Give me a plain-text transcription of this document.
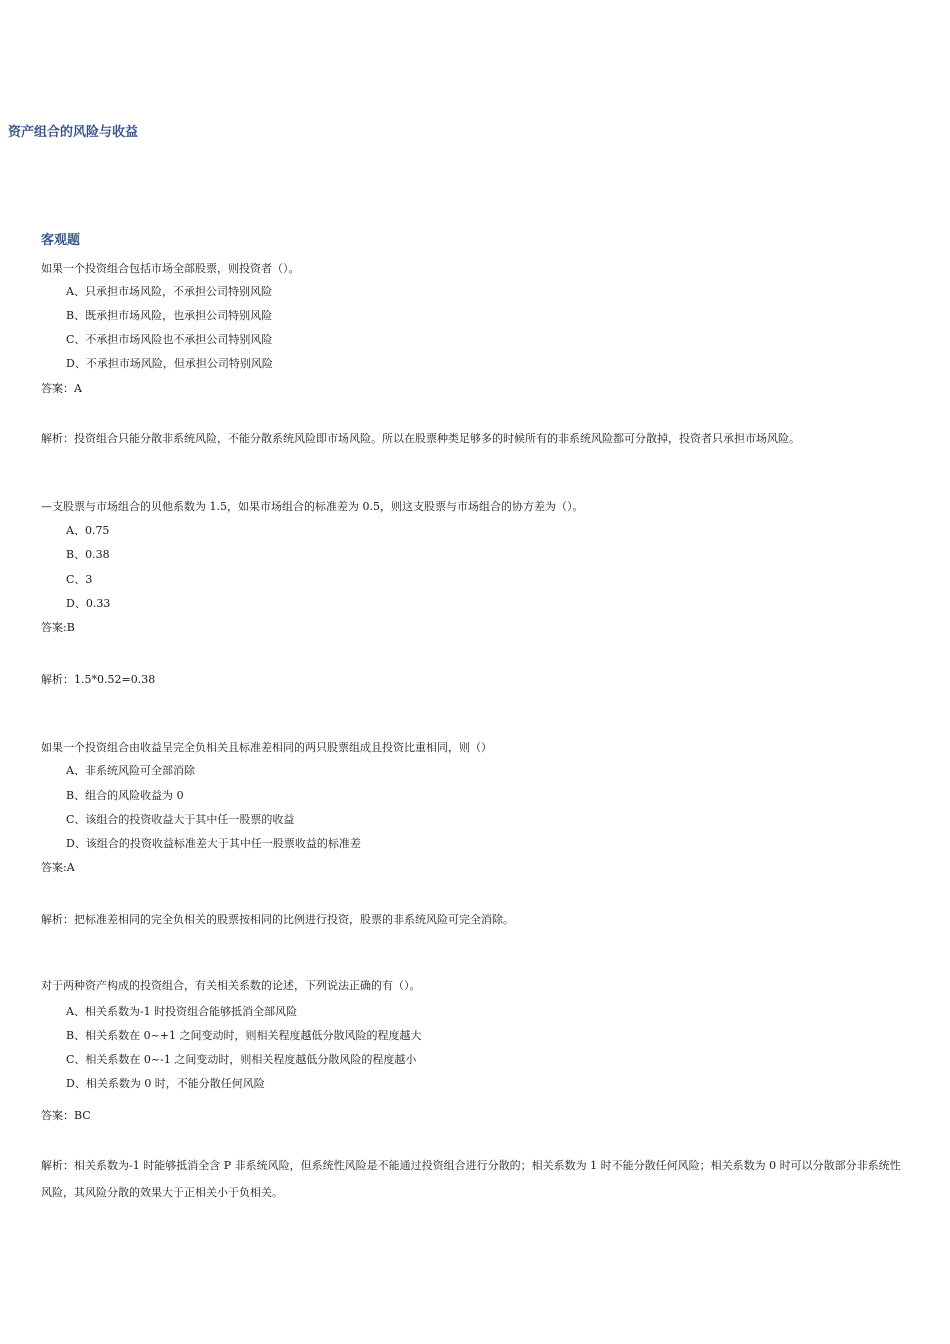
资产组合的风险与收益
客观题
如果一个投资组合包括市场全部股票，则投资者（）。
A、只承担市场风险，不承担公司特别风险
B、既承担市场风险，也承担公司特别风险
C、不承担市场风险也不承担公司特别风险
D、不承担市场风险，但承担公司特别风险
答案：A
解析：投资组合只能分散非系统风险，不能分散系统风险即市场风险。所以在股票种类足够多的时候所有的非系统风险都可分散掉，投资者只承担市场风险。
—支股票与市场组合的贝他系数为 1.5，如果市场组合的标准差为 0.5，则这支股票与市场组合的协方差为（）。
A、0.75
B、0.38
C、3
D、0.33
答案:B
解析：1.5*0.52=0.38
如果一个投资组合由收益呈完全负相关且标准差相同的两只股票组成且投资比重相同，则（）
A、非系统风险可全部消除
B、组合的风险收益为 0
C、该组合的投资收益大于其中任一股票的收益
D、该组合的投资收益标准差大于其中任一股票收益的标准差
答案:A
解析：把标准差相同的完全负相关的股票按相同的比例进行投资，股票的非系统风险可完全消除。
对于两种资产构成的投资组合，有关相关系数的论述，下列说法正确的有（）。
A、相关系数为-1 时投资组合能够抵消全部风险
B、相关系数在 0~+1 之间变动时，则相关程度越低分散风险的程度越大
C、相关系数在 0~-1 之间变动时，则相关程度越低分散风险的程度越小
D、相关系数为 0 时，不能分散任何风险
答案：BC
解析：相关系数为-1 时能够抵消全含 P 非系统风险，但系统性风险是不能通过投资组合进行分散的；相关系数为 1 时不能分散任何风险；相关系数为 0 时可以分散部分非系统性风险，其风险分散的效果大于正相关小于负相关。
